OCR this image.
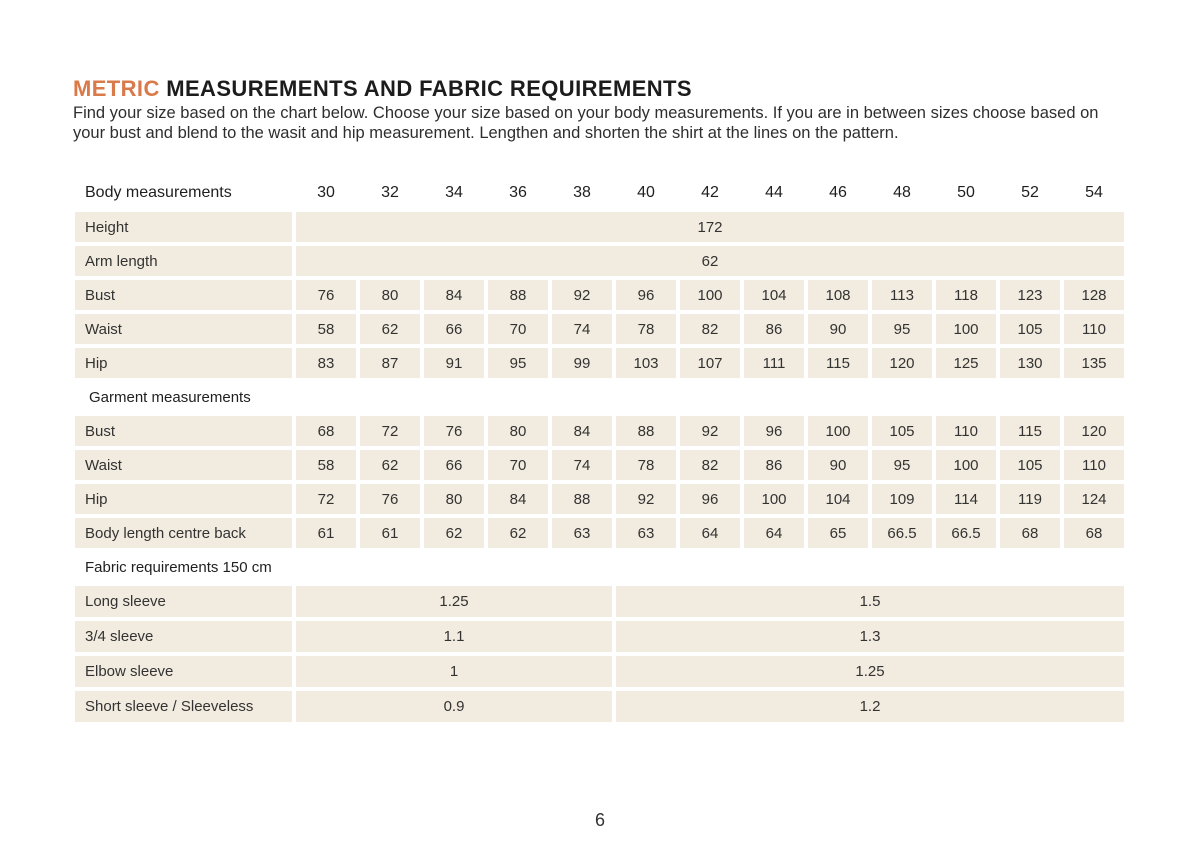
METRIC MEASUREMENTS AND FABRIC REQUIREMENTS

Find your size based on the chart below. Choose your size based on your body measurements. If you are in between sizes choose based on your bust and blend to the wasit and hip measurement. Lengthen and shorten the shirt at the lines on the pattern.

Body measurements	30	32	34	36	38	40	42	44	46	48	50	52	54
Height	172
Arm length	62
Bust	76	80	84	88	92	96	100	104	108	113	118	123	128
Waist	58	62	66	70	74	78	82	86	90	95	100	105	110
Hip	83	87	91	95	99	103	107	111	115	120	125	130	135
Garment measurements
Bust	68	72	76	80	84	88	92	96	100	105	110	115	120
Waist	58	62	66	70	74	78	82	86	90	95	100	105	110
Hip	72	76	80	84	88	92	96	100	104	109	114	119	124
Body length centre back	61	61	62	62	63	63	64	64	65	66.5	66.5	68	68
Fabric requirements 150 cm
Long sleeve	1.25	1.5
3/4 sleeve	1.1	1.3
Elbow sleeve	1	1.25
Short sleeve / Sleeveless	0.9	1.2
6
